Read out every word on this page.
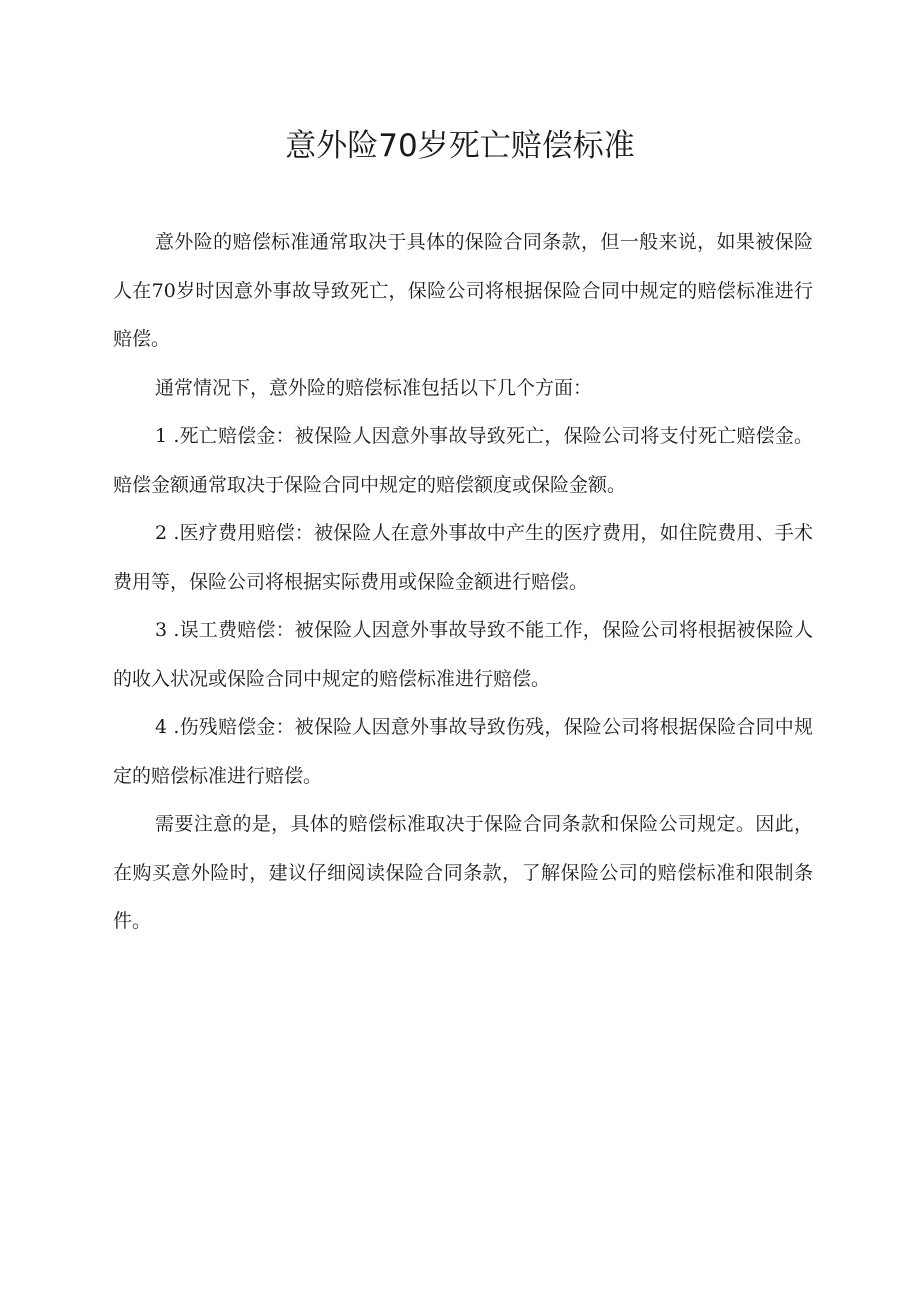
意外险70岁死亡赔偿标准

意外险的赔偿标准通常取决于具体的保险合同条款，但一般来说，如果被保险人在70岁时因意外事故导致死亡，保险公司将根据保险合同中规定的赔偿标准进行赔偿。

通常情况下，意外险的赔偿标准包括以下几个方面：

1 .死亡赔偿金：被保险人因意外事故导致死亡，保险公司将支付死亡赔偿金。赔偿金额通常取决于保险合同中规定的赔偿额度或保险金额。

2 .医疗费用赔偿：被保险人在意外事故中产生的医疗费用，如住院费用、手术费用等，保险公司将根据实际费用或保险金额进行赔偿。

3 .误工费赔偿：被保险人因意外事故导致不能工作，保险公司将根据被保险人的收入状况或保险合同中规定的赔偿标准进行赔偿。

4 .伤残赔偿金：被保险人因意外事故导致伤残，保险公司将根据保险合同中规定的赔偿标准进行赔偿。

需要注意的是，具体的赔偿标准取决于保险合同条款和保险公司规定。因此，在购买意外险时，建议仔细阅读保险合同条款，了解保险公司的赔偿标准和限制条件。
